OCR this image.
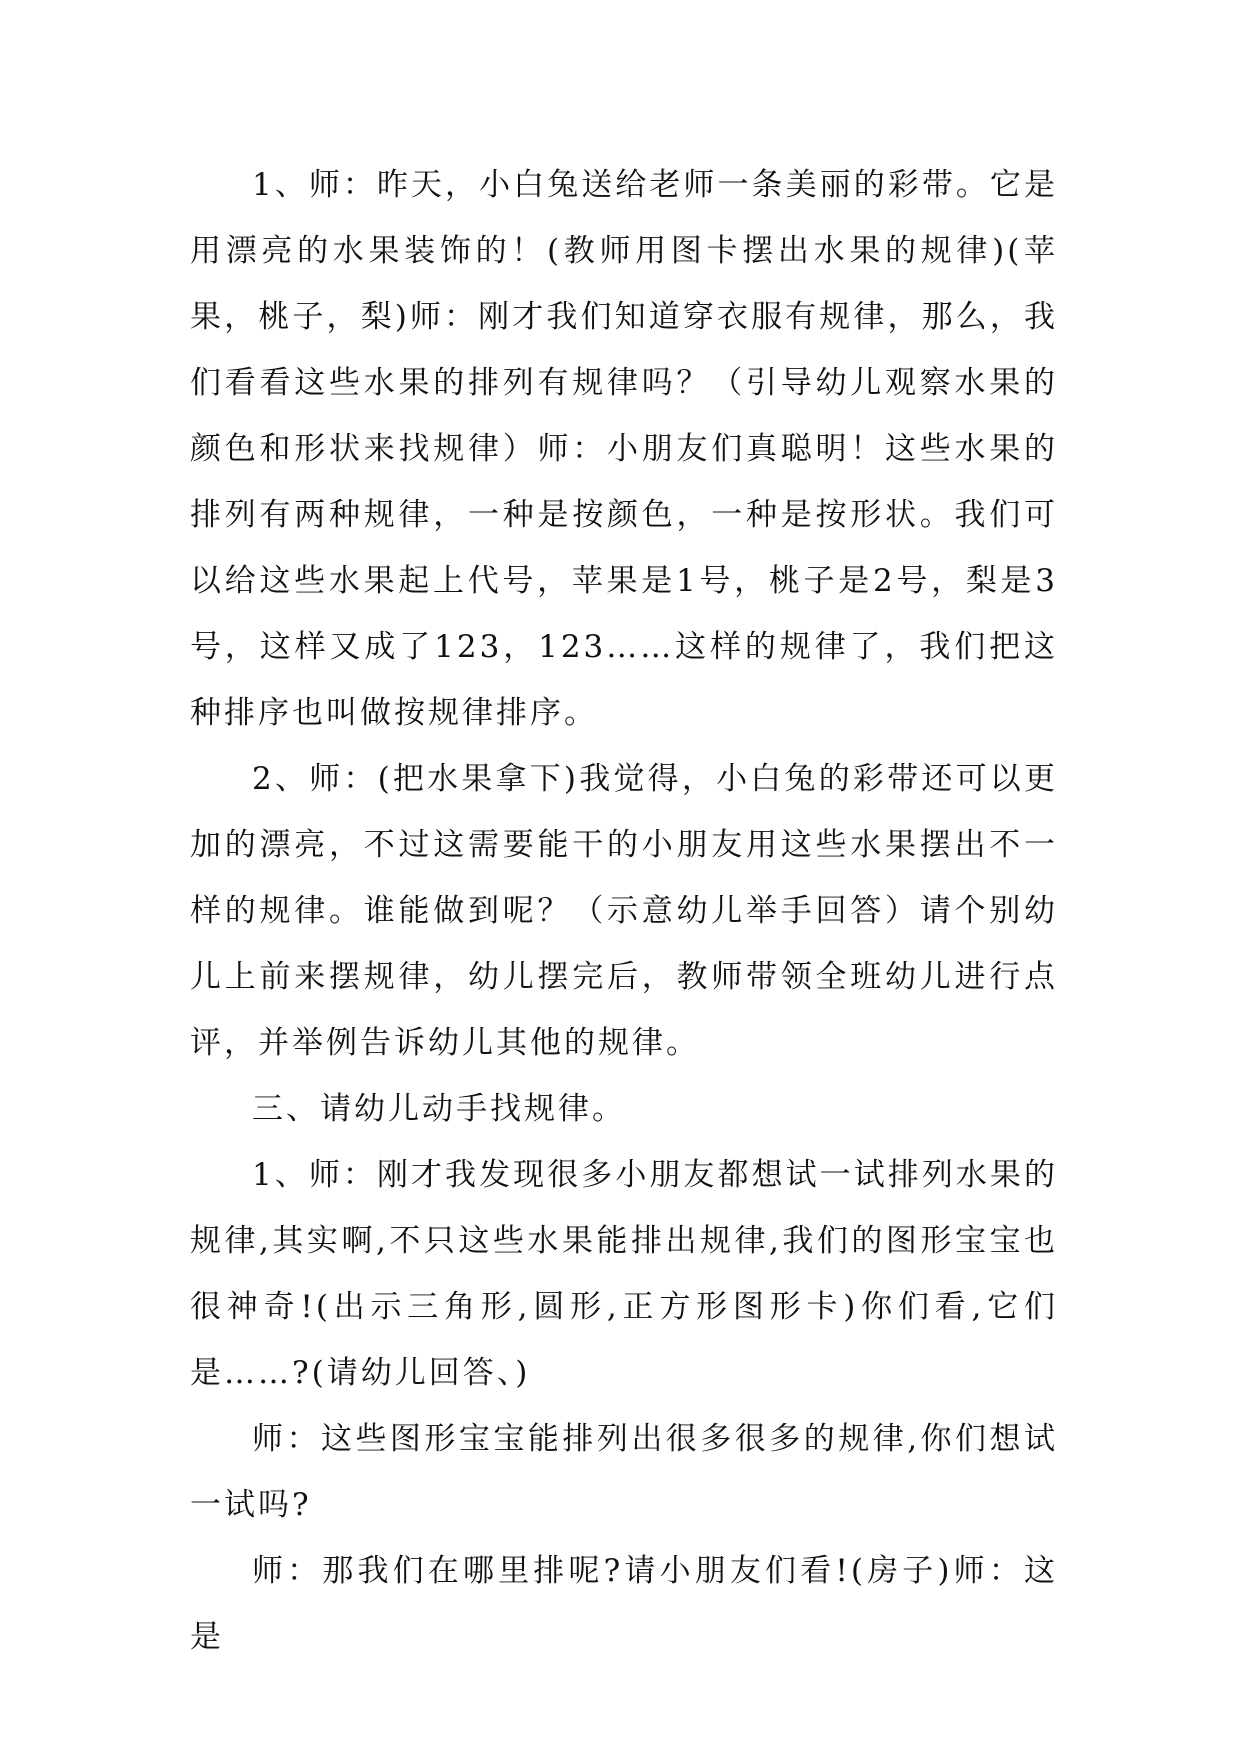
1、师：昨天，小白兔送给老师一条美丽的彩带。它是用漂亮的水果装饰的！(教师用图卡摆出水果的规律)(苹果，桃子，梨)师：刚才我们知道穿衣服有规律，那么，我们看看这些水果的排列有规律吗？（引导幼儿观察水果的颜色和形状来找规律）师：小朋友们真聪明！这些水果的排列有两种规律，一种是按颜色，一种是按形状。我们可以给这些水果起上代号，苹果是1号，桃子是2号，梨是3号，这样又成了123，123……这样的规律了，我们把这种排序也叫做按规律排序。

2、师：(把水果拿下)我觉得，小白兔的彩带还可以更加的漂亮，不过这需要能干的小朋友用这些水果摆出不一样的规律。谁能做到呢？（示意幼儿举手回答）请个别幼儿上前来摆规律，幼儿摆完后，教师带领全班幼儿进行点评，并举例告诉幼儿其他的规律。

三、请幼儿动手找规律。

1、师：刚才我发现很多小朋友都想试一试排列水果的规律,其实啊,不只这些水果能排出规律,我们的图形宝宝也很神奇!(出示三角形,圆形,正方形图形卡)你们看,它们是……?(请幼儿回答、)

师：这些图形宝宝能排列出很多很多的规律,你们想试一试吗?

师：那我们在哪里排呢?请小朋友们看!(房子)师：这是
